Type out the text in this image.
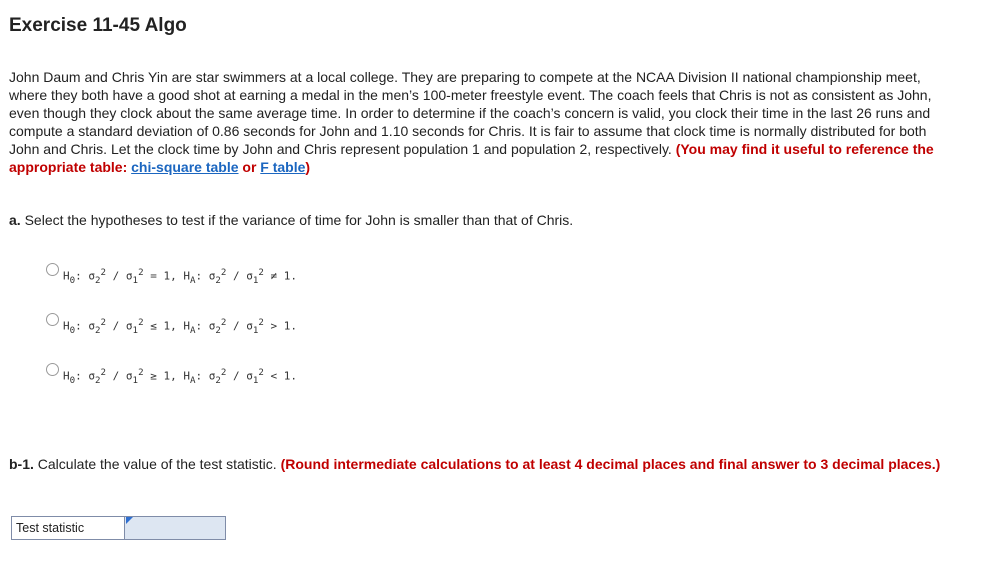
Exercise 11-45 Algo

John Daum and Chris Yin are star swimmers at a local college. They are preparing to compete at the NCAA Division II national championship meet, where they both have a good shot at earning a medal in the men’s 100-meter freestyle event. The coach feels that Chris is not as consistent as John, even though they clock about the same average time. In order to determine if the coach’s concern is valid, you clock their time in the last 26 runs and compute a standard deviation of 0.86 seconds for John and 1.10 seconds for Chris. It is fair to assume that clock time is normally distributed for both John and Chris. Let the clock time by John and Chris represent population 1 and population 2, respectively. (You may find it useful to reference the appropriate table: chi-square table or F table)

a. Select the hypotheses to test if the variance of time for John is smaller than that of Chris.

$H_0$: $\sigma_2^2 / \sigma_1^2 = 1$, $H_A$: $\sigma_2^2 / \sigma_1^2 \ne 1$.
$H_0$: $\sigma_2^2 / \sigma_1^2 \le 1$, $H_A$: $\sigma_2^2 / \sigma_1^2 > 1$.
$H_0$: $\sigma_2^2 / \sigma_1^2 \ge 1$, $H_A$: $\sigma_2^2 / \sigma_1^2 < 1$.

b-1. Calculate the value of the test statistic. (Round intermediate calculations to at least 4 decimal places and final answer to 3 decimal places.)

Test statistic
